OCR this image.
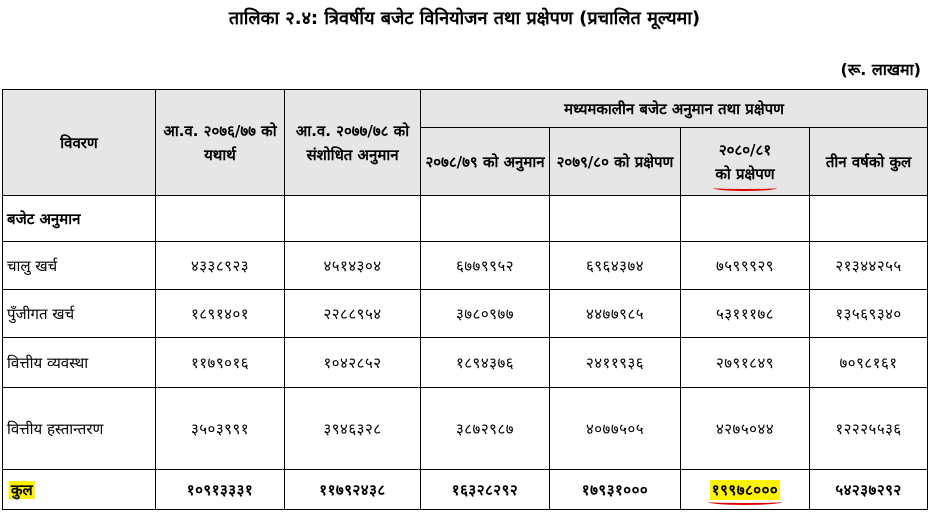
तालिका २.४: त्रिवर्षीय बजेट विनियोजन तथा प्रक्षेपण (प्रचालित मूल्यमा)
(रू. लाखमा)
विवरण	आ.व. २०७६/७७ को यथार्थ	आ.व. २०७७/७८ को संशोधित अनुमान	मध्यमकालीन बजेट अनुमान तथा प्रक्षेपण			
			२०७८/७९ को अनुमान	२०७९/८० को प्रक्षेपण	२०८०/८१
को प्रक्षेपण	तीन वर्षको कुल
बजेट अनुमान						
चालु खर्च	४३३८९२३	४५१४३०४	६७७९९५२	६९६४३७४	७५९९९२९	२१३४४२५५
पुँजीगत खर्च	१८९१४०१	२२८८९५४	३७८०९७७	४४७७९८५	५३१११७८	१३५६९३४०
वित्तीय व्यवस्था	११७९०१६	१०४२८५२	१८९४३७६	२४११९३६	२७९१८४९	७०९८१६१
वित्तीय हस्तान्तरण	३५०३९९१	३९४६३२८	३८७२९८७	४०७७५०५	४२७५०४४	१२२२५५३६
कुल	१०९१३३३१	११७९२४३८	१६३२८२९२	१७९३१०००	१९९७८०००	५४२३७२९२
